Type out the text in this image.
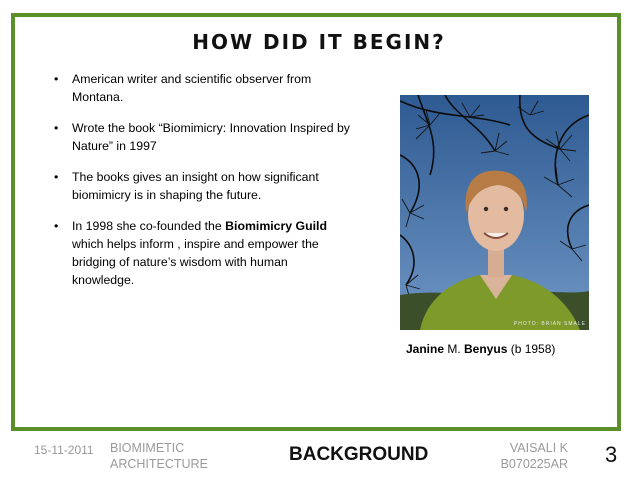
HOW DID IT BEGIN?
• American writer and scientific observer from Montana.
• Wrote the book “Biomimicry: Innovation Inspired by Nature” in 1997
• The books gives an insight on how significant biomimicry is in shaping the future.
• In 1998 she co-founded the Biomimicry Guild which helps inform , inspire and empower the bridging of nature’s wisdom with human knowledge.
PHOTO: BRIAN SMALE
Janine M. Benyus (b 1958)
15-11-2011 BIOMIMETIC
ARCHITECTURE	BACKGROUND	VAISALI K
B070225AR 3
